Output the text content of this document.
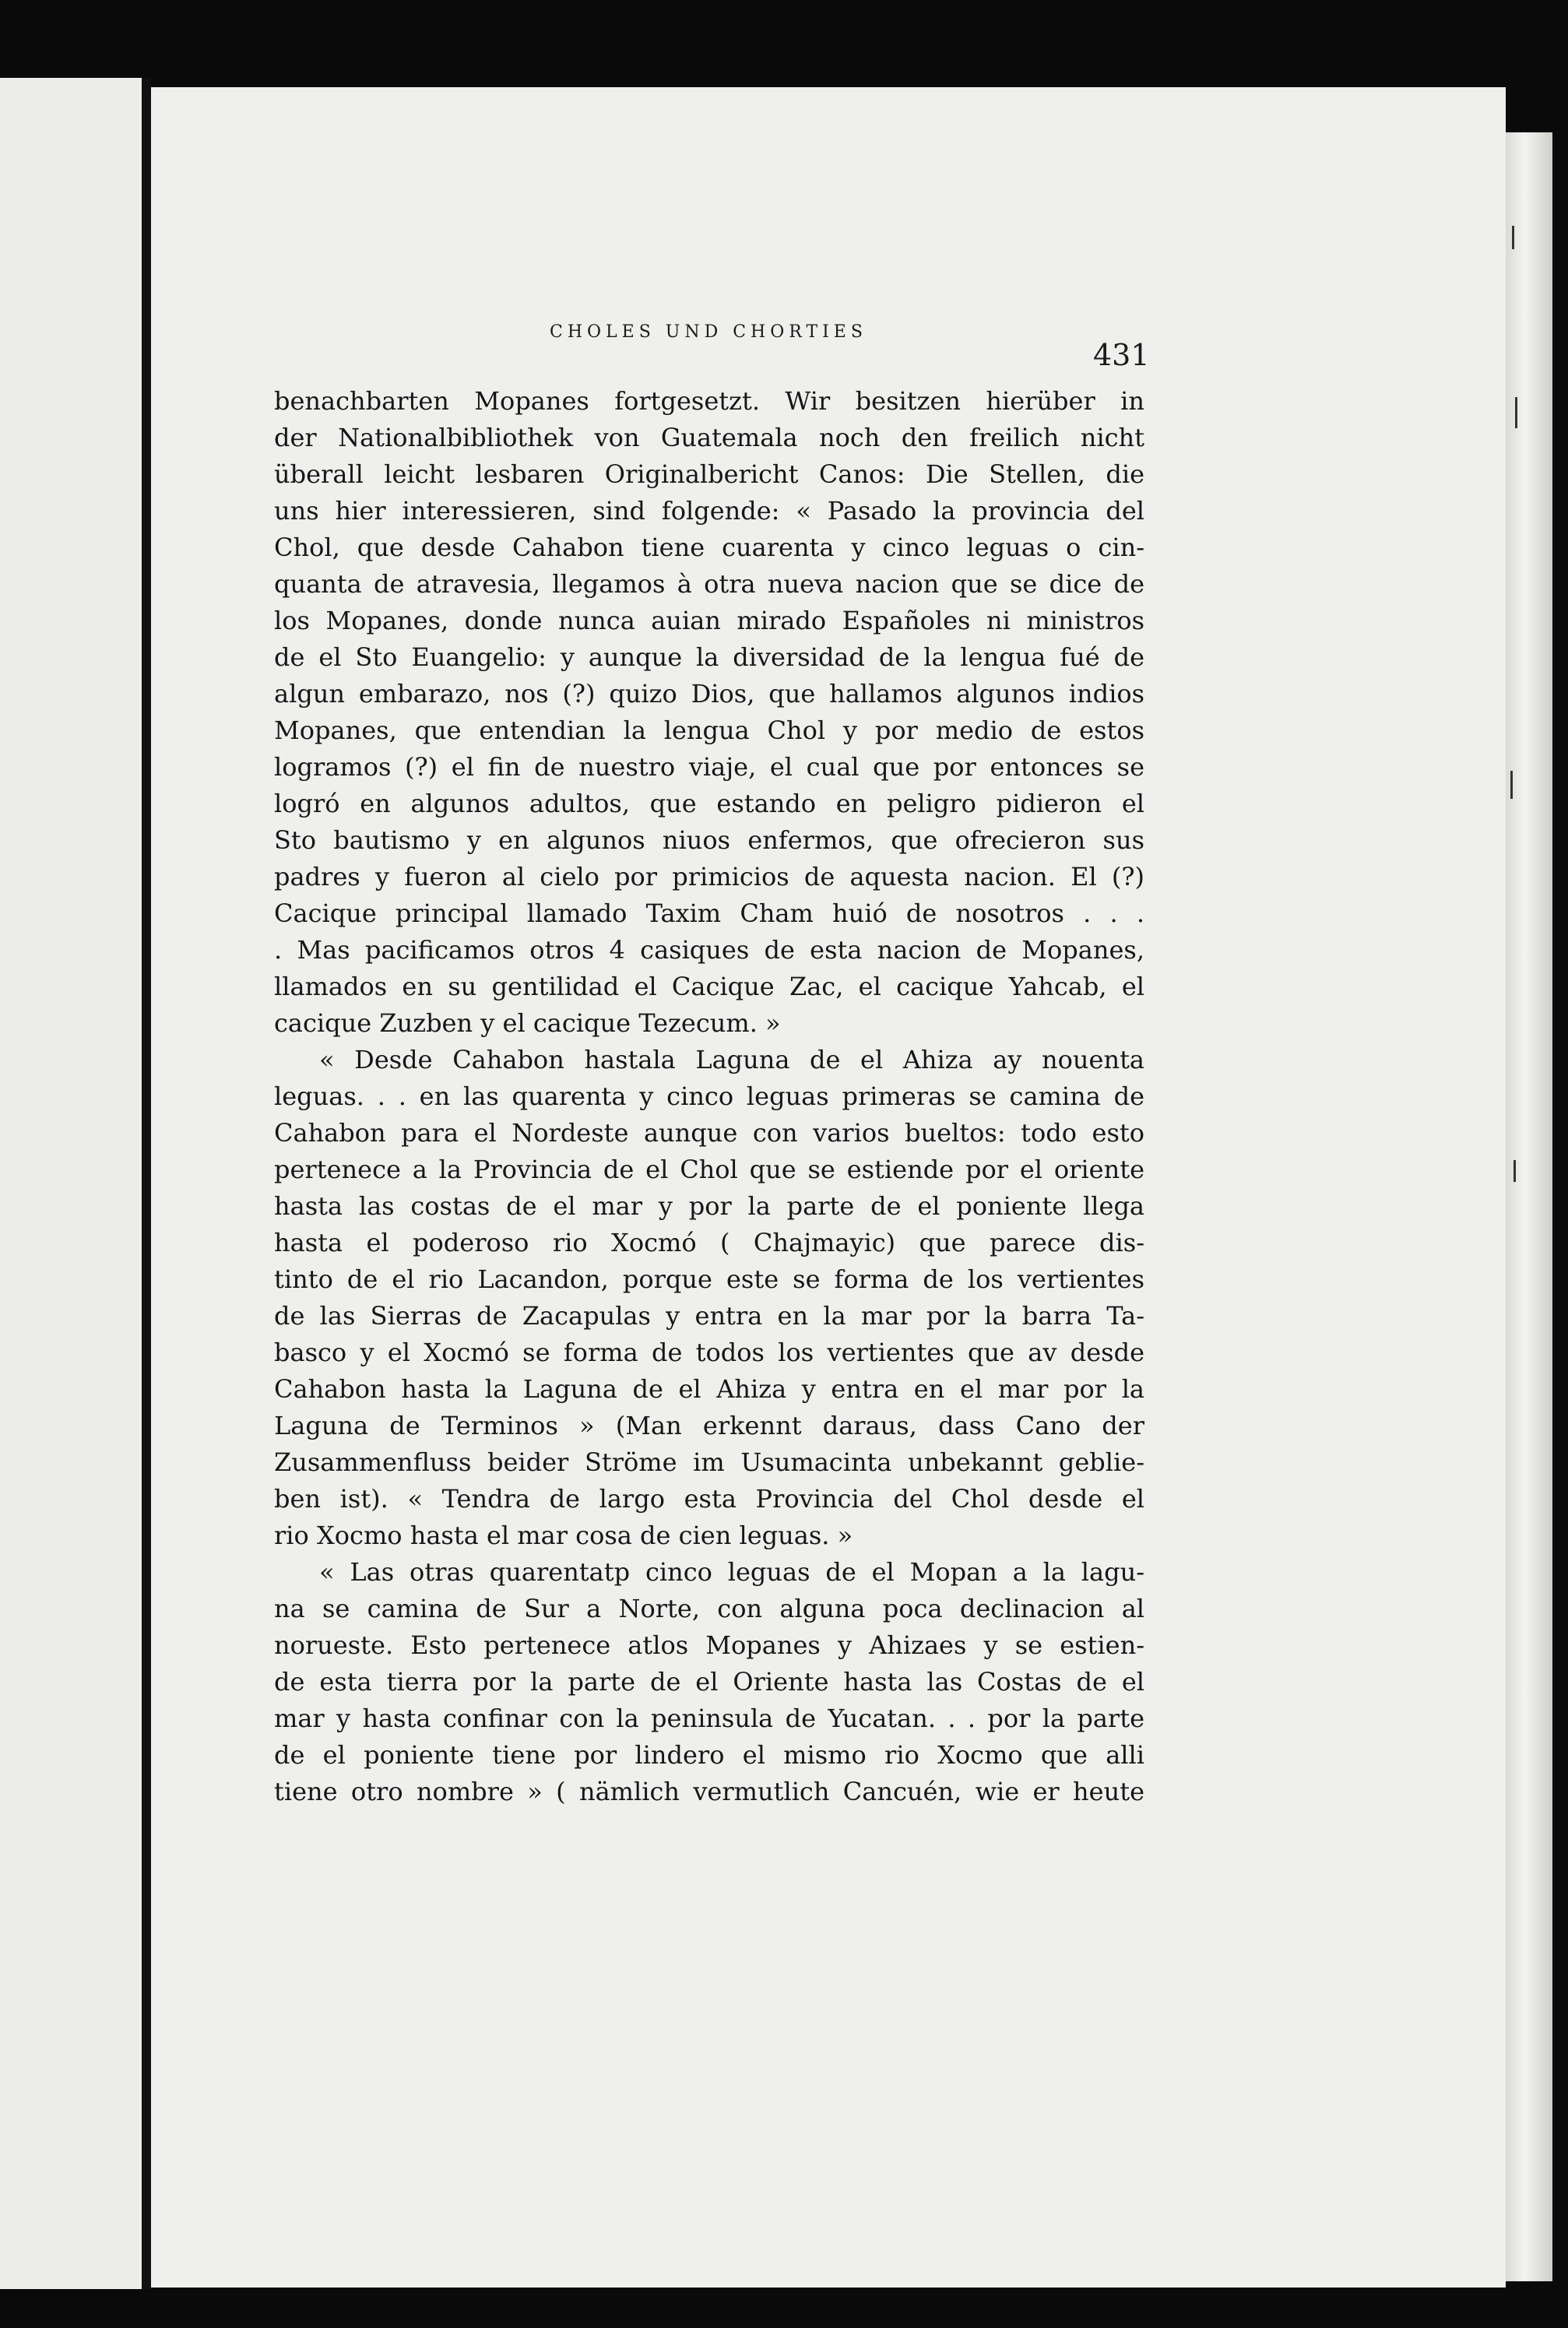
CHOLES UND CHORTIES
431
benachbarten Mopanes fortgesetzt. Wir besitzen hierüber in
der Nationalbibliothek von Guatemala noch den freilich nicht
überall leicht lesbaren Originalbericht Canos: Die Stellen, die
uns hier interessieren, sind folgende: « Pasado la provincia del
Chol, que desde Cahabon tiene cuarenta y cinco leguas o cin-
quanta de atravesia, llegamos à otra nueva nacion que se dice de
los Mopanes, donde nunca auian mirado Españoles ni ministros
de el Sto Euangelio: y aunque la diversidad de la lengua fué de
algun embarazo, nos (?) quizo Dios, que hallamos algunos indios
Mopanes, que entendian la lengua Chol y por medio de estos
logramos (?) el fin de nuestro viaje, el cual que por entonces se
logró en algunos adultos, que estando en peligro pidieron el
Sto bautismo y en algunos niuos enfermos, que ofrecieron sus
padres y fueron al cielo por primicios de aquesta nacion. El (?)
Cacique principal llamado Taxim Cham huió de nosotros . . .
. Mas pacificamos otros 4 casiques de esta nacion de Mopanes,
llamados en su gentilidad el Cacique Zac, el cacique Yahcab, el
cacique Zuzben y el cacique Tezecum. »
« Desde Cahabon hastala Laguna de el Ahiza ay nouenta
leguas. . . en las quarenta y cinco leguas primeras se camina de
Cahabon para el Nordeste aunque con varios bueltos: todo esto
pertenece a la Provincia de el Chol que se estiende por el oriente
hasta las costas de el mar y por la parte de el poniente llega
hasta el poderoso rio Xocmó ( Chajmayic) que parece dis-
tinto de el rio Lacandon, porque este se forma de los vertientes
de las Sierras de Zacapulas y entra en la mar por la barra Ta-
basco y el Xocmó se forma de todos los vertientes que av desde
Cahabon hasta la Laguna de el Ahiza y entra en el mar por la
Laguna de Terminos » (Man erkennt daraus, dass Cano der
Zusammenfluss beider Ströme im Usumacinta unbekannt geblie-
ben ist). « Tendra de largo esta Provincia del Chol desde el
rio Xocmo hasta el mar cosa de cien leguas. »
« Las otras quarentatp cinco leguas de el Mopan a la lagu-
na se camina de Sur a Norte, con alguna poca declinacion al
norueste. Esto pertenece atlos Mopanes y Ahizaes y se estien-
de esta tierra por la parte de el Oriente hasta las Costas de el
mar y hasta confinar con la peninsula de Yucatan. . . por la parte
de el poniente tiene por lindero el mismo rio Xocmo que alli
tiene otro nombre » ( nämlich vermutlich Cancuén, wie er heute
